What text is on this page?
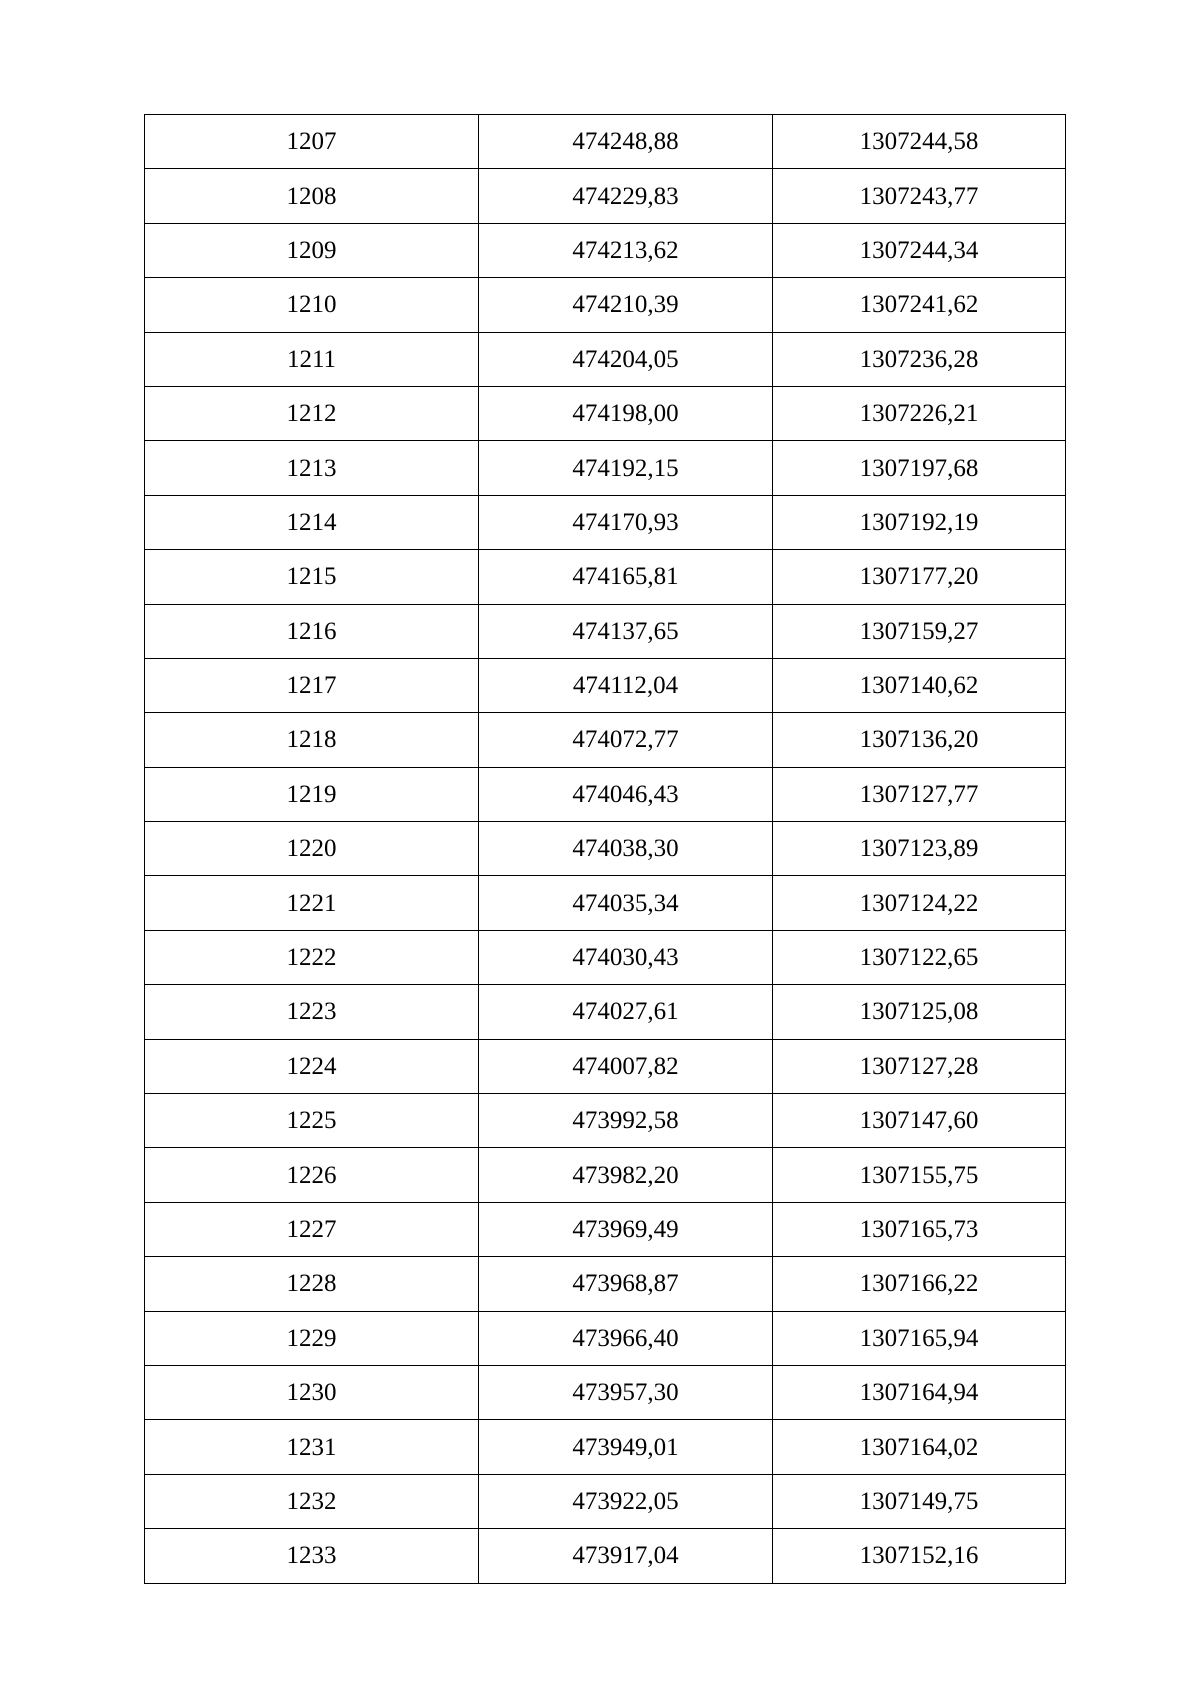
1207	474248,88	1307244,58
1208	474229,83	1307243,77
1209	474213,62	1307244,34
1210	474210,39	1307241,62
1211	474204,05	1307236,28
1212	474198,00	1307226,21
1213	474192,15	1307197,68
1214	474170,93	1307192,19
1215	474165,81	1307177,20
1216	474137,65	1307159,27
1217	474112,04	1307140,62
1218	474072,77	1307136,20
1219	474046,43	1307127,77
1220	474038,30	1307123,89
1221	474035,34	1307124,22
1222	474030,43	1307122,65
1223	474027,61	1307125,08
1224	474007,82	1307127,28
1225	473992,58	1307147,60
1226	473982,20	1307155,75
1227	473969,49	1307165,73
1228	473968,87	1307166,22
1229	473966,40	1307165,94
1230	473957,30	1307164,94
1231	473949,01	1307164,02
1232	473922,05	1307149,75
1233	473917,04	1307152,16
